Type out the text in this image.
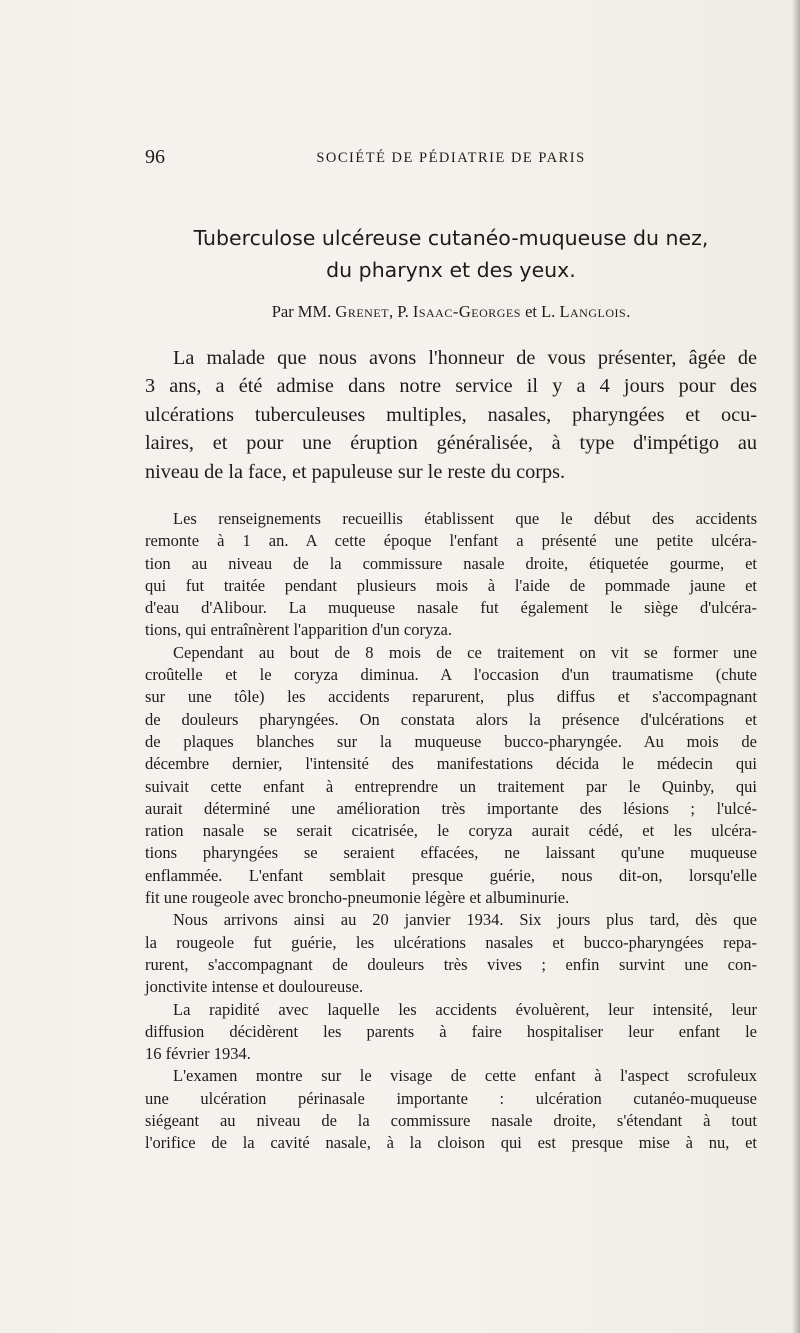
96	SOCIÉTÉ DE PÉDIATRIE DE PARIS
Tuberculose ulcéreuse cutanéo-muqueuse du nez,
du pharynx et des yeux.
Par MM. Grenet, P. Isaac-Georges et L. Langlois.
La malade que nous avons l'honneur de vous présenter, âgée de
3 ans, a été admise dans notre service il y a 4 jours pour des
ulcérations tuberculeuses multiples, nasales, pharyngées et ocu-
laires, et pour une éruption généralisée, à type d'impétigo au
niveau de la face, et papuleuse sur le reste du corps.
Les renseignements recueillis établissent que le début des accidents
remonte à 1 an. A cette époque l'enfant a présenté une petite ulcéra-
tion au niveau de la commissure nasale droite, étiquetée gourme, et
qui fut traitée pendant plusieurs mois à l'aide de pommade jaune et
d'eau d'Alibour. La muqueuse nasale fut également le siège d'ulcéra-
tions, qui entraînèrent l'apparition d'un coryza.
Cependant au bout de 8 mois de ce traitement on vit se former une
croûtelle et le coryza diminua. A l'occasion d'un traumatisme (chute
sur une tôle) les accidents reparurent, plus diffus et s'accompagnant
de douleurs pharyngées. On constata alors la présence d'ulcérations et
de plaques blanches sur la muqueuse bucco-pharyngée. Au mois de
décembre dernier, l'intensité des manifestations décida le médecin qui
suivait cette enfant à entreprendre un traitement par le Quinby, qui
aurait déterminé une amélioration très importante des lésions ; l'ulcé-
ration nasale se serait cicatrisée, le coryza aurait cédé, et les ulcéra-
tions pharyngées se seraient effacées, ne laissant qu'une muqueuse
enflammée. L'enfant semblait presque guérie, nous dit-on, lorsqu'elle
fit une rougeole avec broncho-pneumonie légère et albuminurie.
Nous arrivons ainsi au 20 janvier 1934. Six jours plus tard, dès que
la rougeole fut guérie, les ulcérations nasales et bucco-pharyngées repa-
rurent, s'accompagnant de douleurs très vives ; enfin survint une con-
jonctivite intense et douloureuse.
La rapidité avec laquelle les accidents évoluèrent, leur intensité, leur
diffusion décidèrent les parents à faire hospitaliser leur enfant le
16 février 1934.
L'examen montre sur le visage de cette enfant à l'aspect scrofuleux
une ulcération périnasale importante : ulcération cutanéo-muqueuse
siégeant au niveau de la commissure nasale droite, s'étendant à tout
l'orifice de la cavité nasale, à la cloison qui est presque mise à nu, et
